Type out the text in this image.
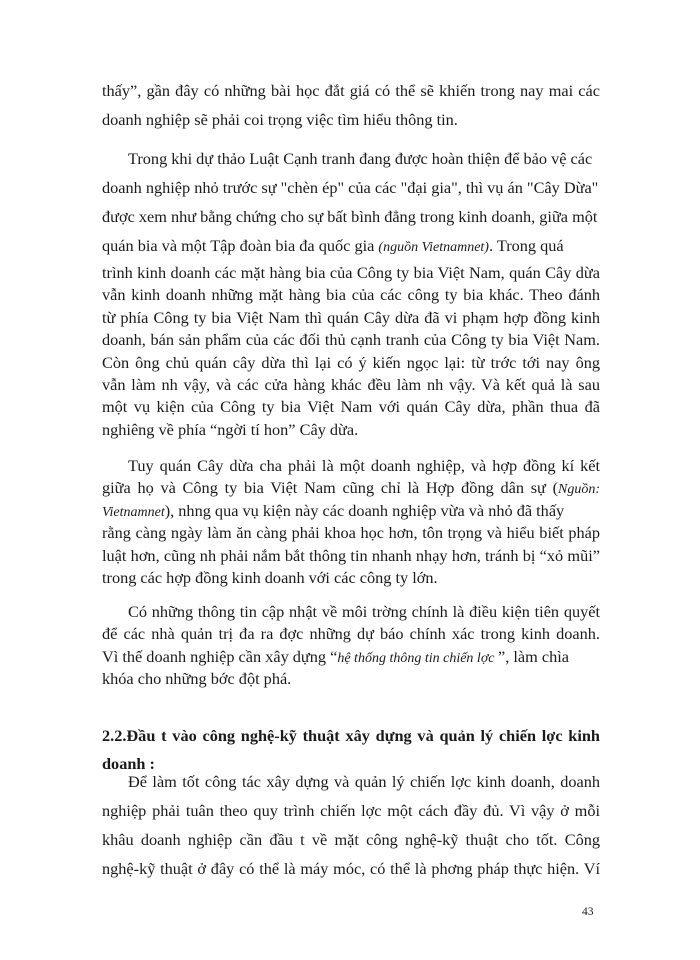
thấy”, gần đây có những bài học đắt giá có thể sẽ khiến trong nay mai các
doanh nghiệp sẽ phải coi trọng việc tìm hiểu thông tin.
Trong khi dự thảo Luật Cạnh tranh đang được hoàn thiện để bảo vệ các
doanh nghiệp nhỏ trước sự "chèn ép" của các "đại gia", thì vụ án "Cây Dừa"
được xem như bằng chứng cho sự bất bình đẳng trong kinh doanh, giữa một
quán bia và một Tập đoàn bia đa quốc gia (nguồn Vietnamnet). Trong quá
trình kinh doanh các mặt hàng bia của Công ty bia Việt Nam, quán Cây dừa
vẫn kinh doanh những mặt hàng bia của các công ty bia khác. Theo đánh
từ phía Công ty bia Việt Nam thì quán Cây dừa đã vi phạm hợp đồng kinh
doanh, bán sản phẩm của các đối thủ cạnh tranh của Công ty bia Việt Nam.
Còn ông chủ quán cây dừa thì lại có ý kiến ngọc lại: từ trớc tới nay ông
vẫn làm nh vậy, và các cửa hàng khác đều làm nh vậy. Và kết quả là sau
một vụ kiện của Công ty bia Việt Nam với quán Cây dừa, phần thua đã
nghiêng về phía “ngời tí hon” Cây dừa.
Tuy quán Cây dừa cha phải là một doanh nghiệp, và hợp đồng kí kết
giữa họ và Công ty bia Việt Nam cũng chỉ là Hợp đồng dân sự (Nguồn:
Vietnamnet), nhng qua vụ kiện này các doanh nghiệp vừa và nhỏ đã thấy
rằng càng ngày làm ăn càng phải khoa học hơn, tôn trọng và hiểu biết pháp
luật hơn, cũng nh phải nắm bắt thông tin nhanh nhạy hơn, tránh bị “xỏ mũi”
trong các hợp đồng kinh doanh với các công ty lớn.
Có những thông tin cập nhật về môi trờng chính là điều kiện tiên quyết
để các nhà quản trị đa ra đợc những dự báo chính xác trong kinh doanh.
Vì thế doanh nghiệp cần xây dựng “hệ thống thông tin chiến lợc ”, làm chìa
khóa cho những bớc đột phá.
2.2.Đầu t vào công nghệ-kỹ thuật xây dựng và quản lý chiến lợc kinh
doanh :
Để làm tốt công tác xây dựng và quản lý chiến lợc kinh doanh, doanh
nghiệp phải tuân theo quy trình chiến lợc một cách đầy đủ. Vì vậy ở mỗi
khâu doanh nghiệp cần đầu t về mặt công nghệ-kỹ thuật cho tốt. Công
nghệ-kỹ thuật ở đây có thể là máy móc, có thể là phơng pháp thực hiện. Ví
43
